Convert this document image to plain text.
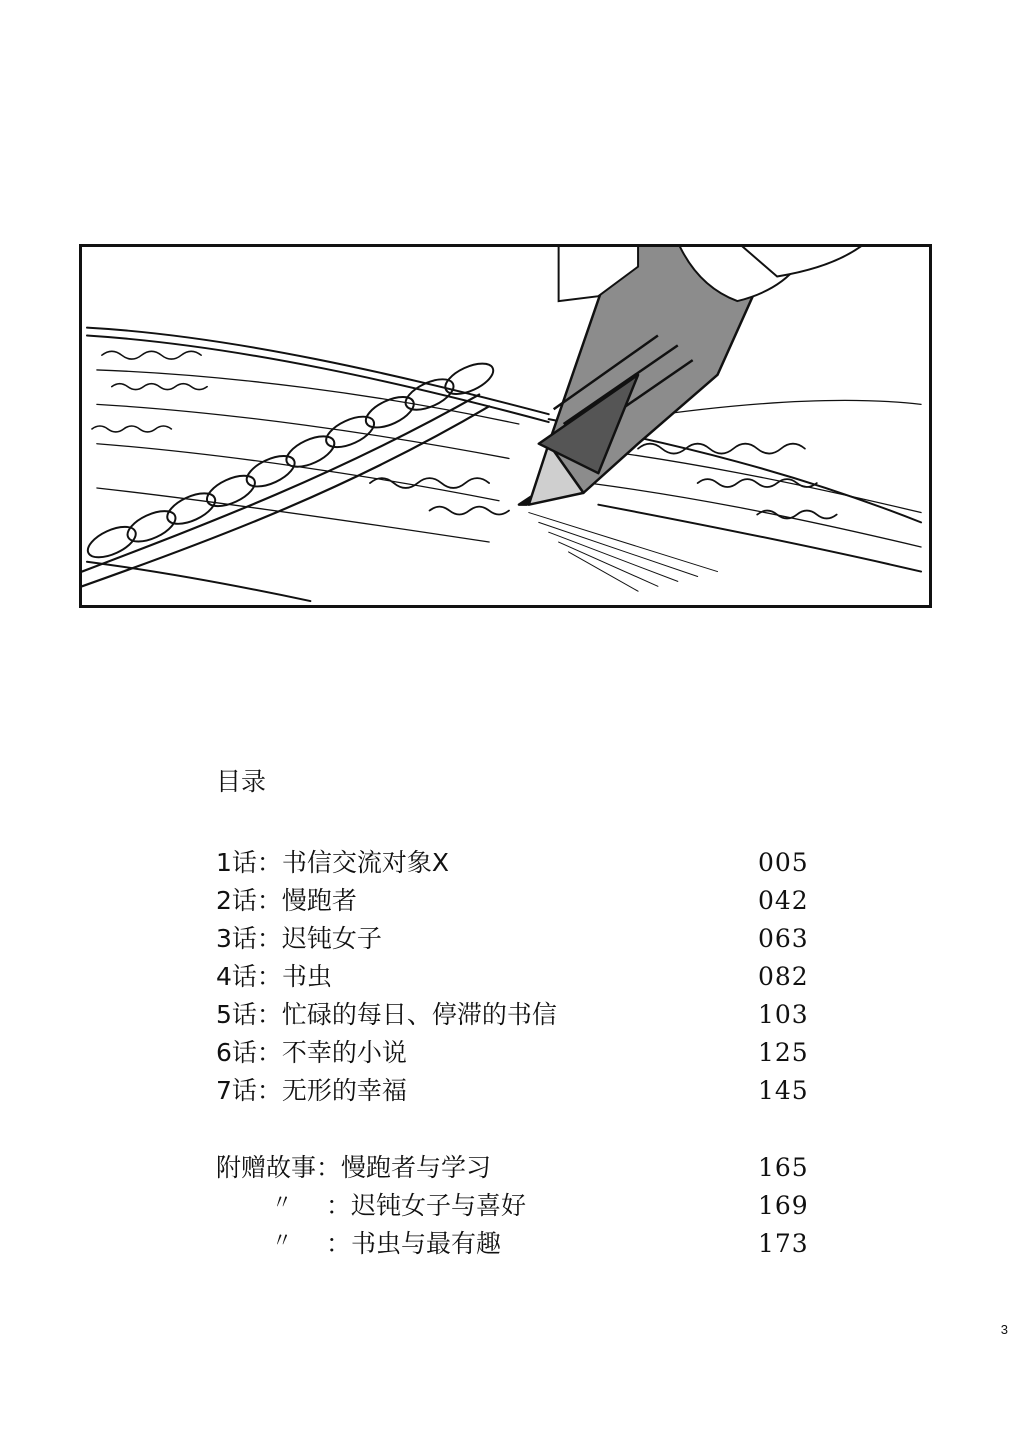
目录
1话：书信交流对象X	005
2话：慢跑者	042
3话：迟钝女子	063
4话：书虫	082
5话：忙碌的每日、停滞的书信	103
6话：不幸的小说	125
7话：无形的幸福	145
附赠故事：慢跑者与学习	165
〃 ：迟钝女子与喜好	169
〃 ：书虫与最有趣	173
3
